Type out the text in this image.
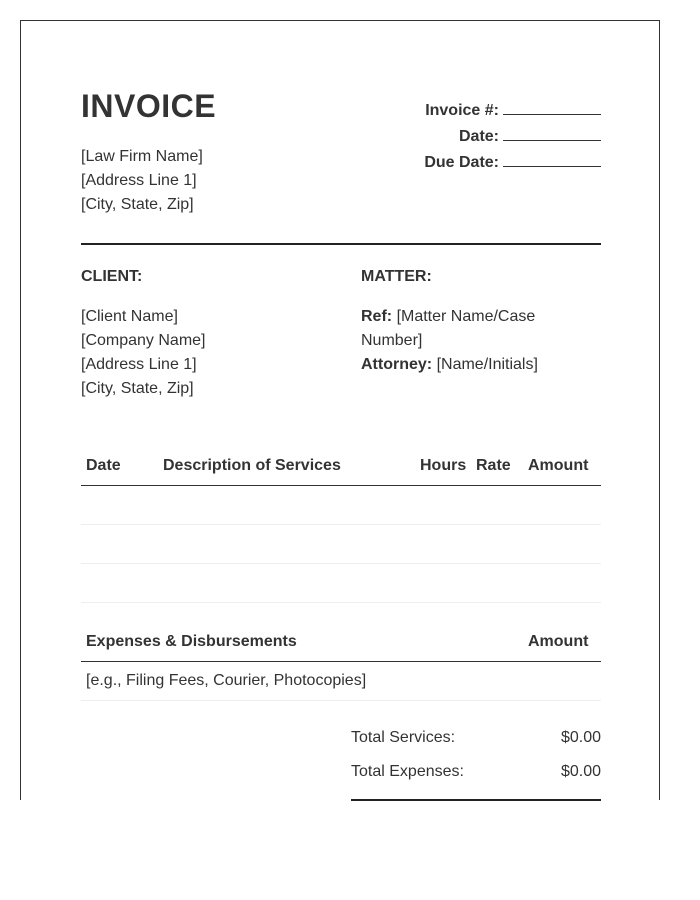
INVOICE
[Law Firm Name]
[Address Line 1]
[City, State, Zip]
Invoice #:
Date:
Due Date:
CLIENT:	MATTER:
[Client Name]
[Company Name]
[Address Line 1]
[City, State, Zip]
Ref: [Matter Name/Case Number]
Attorney: [Name/Initials]
Date	Description of Services	Hours Rate Amount
Expenses & Disbursements	Amount
[e.g., Filing Fees, Courier, Photocopies]
Total Services:	$0.00
Total Expenses:	$0.00
